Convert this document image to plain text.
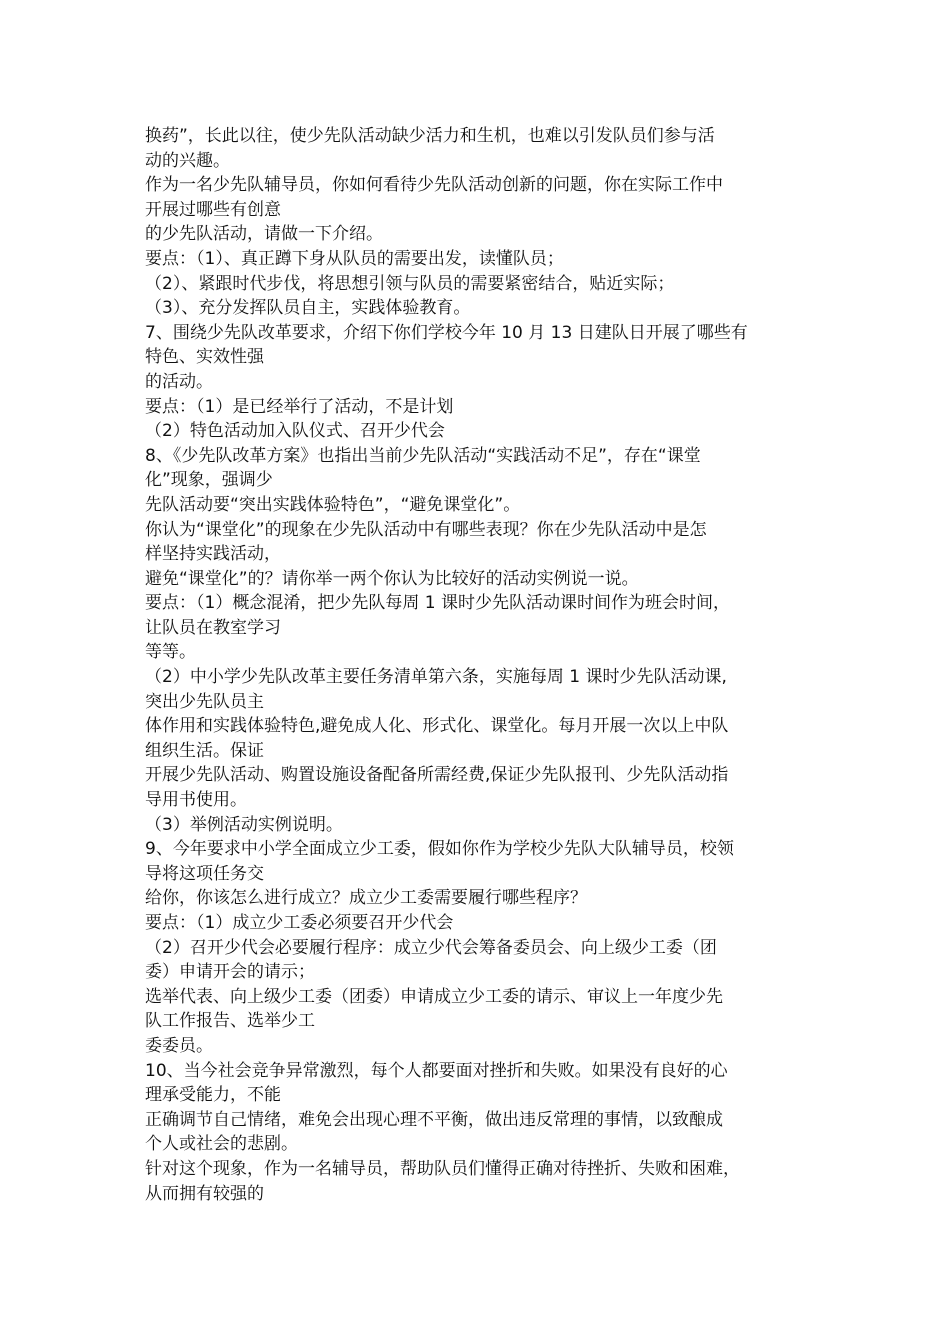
换药”，长此以往，使少先队活动缺少活力和生机，也难以引发队员们参与活
动的兴趣。
作为一名少先队辅导员，你如何看待少先队活动创新的问题，你在实际工作中
开展过哪些有创意
的少先队活动，请做一下介绍。
要点：（1）、真正蹲下身从队员的需要出发，读懂队员；
（2）、紧跟时代步伐，将思想引领与队员的需要紧密结合，贴近实际；
（3）、充分发挥队员自主，实践体验教育。
7、围绕少先队改革要求，介绍下你们学校今年 10 月 13 日建队日开展了哪些有
特色、实效性强
的活动。
要点：（1）是已经举行了活动，不是计划
（2）特色活动加入队仪式、召开少代会
8、《少先队改革方案》也指出当前少先队活动“实践活动不足”，存在“课堂
化”现象，强调少
先队活动要“突出实践体验特色”，“避免课堂化”。
你认为“课堂化”的现象在少先队活动中有哪些表现？你在少先队活动中是怎
样坚持实践活动，
避免“课堂化”的？请你举一两个你认为比较好的活动实例说一说。
要点：（1）概念混淆，把少先队每周 1 课时少先队活动课时间作为班会时间，
让队员在教室学习
等等。
（2）中小学少先队改革主要任务清单第六条，实施每周 1 课时少先队活动课,
突出少先队员主
体作用和实践体验特色,避免成人化、形式化、课堂化。每月开展一次以上中队
组织生活。保证
开展少先队活动、购置设施设备配备所需经费,保证少先队报刊、少先队活动指
导用书使用。
（3）举例活动实例说明。
9、今年要求中小学全面成立少工委，假如你作为学校少先队大队辅导员，校领
导将这项任务交
给你，你该怎么进行成立？成立少工委需要履行哪些程序？
要点：（1）成立少工委必须要召开少代会
（2）召开少代会必要履行程序：成立少代会筹备委员会、向上级少工委（团
委）申请开会的请示；
选举代表、向上级少工委（团委）申请成立少工委的请示、审议上一年度少先
队工作报告、选举少工
委委员。
10、当今社会竞争异常激烈，每个人都要面对挫折和失败。如果没有良好的心
理承受能力，不能
正确调节自己情绪，难免会出现心理不平衡，做出违反常理的事情，以致酿成
个人或社会的悲剧。
针对这个现象，作为一名辅导员，帮助队员们懂得正确对待挫折、失败和困难，
从而拥有较强的
